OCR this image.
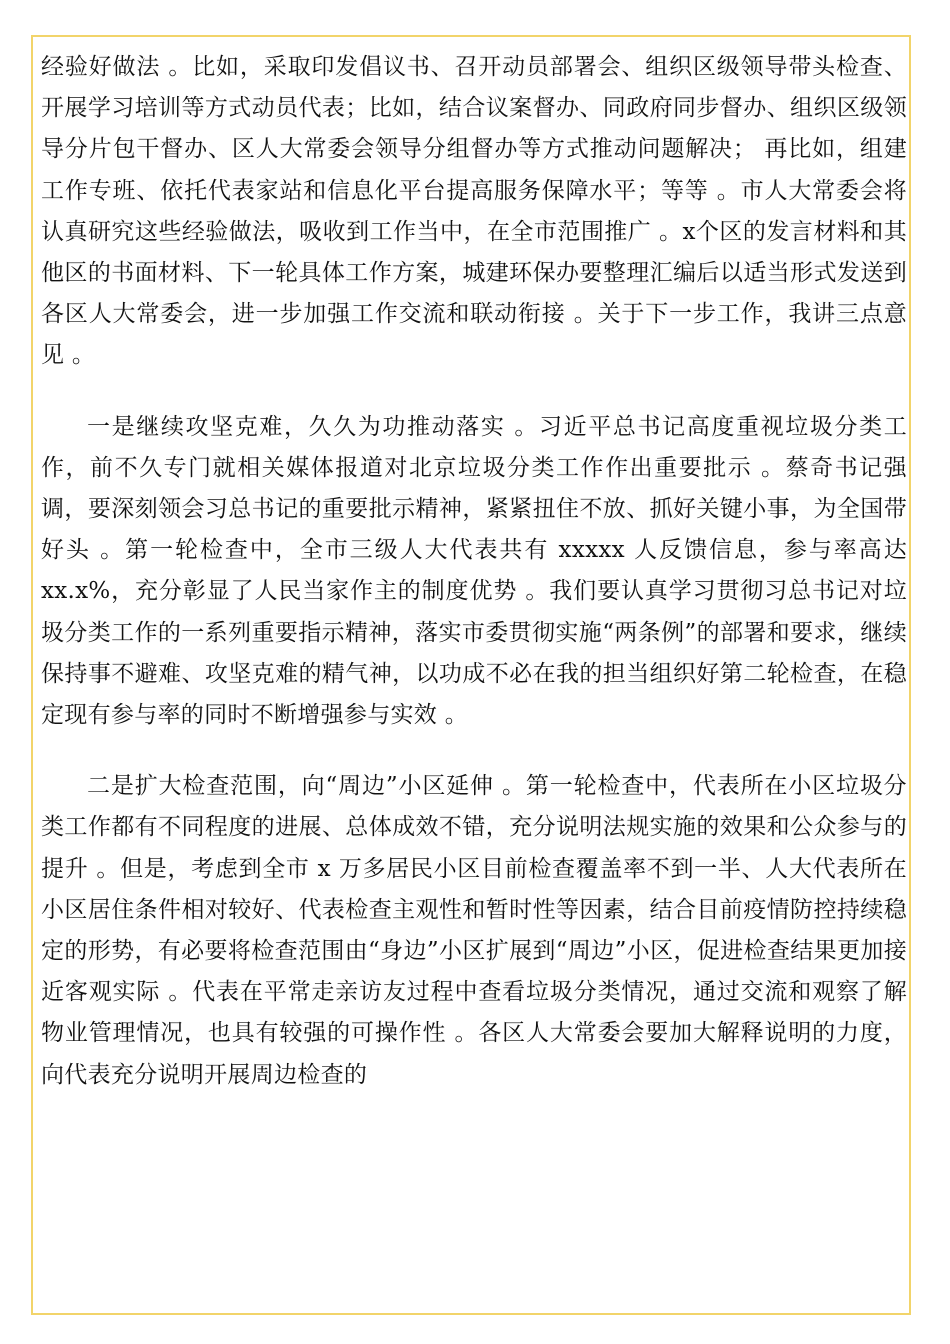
经验好做法 。比如，采取印发倡议书、召开动员部署会、组织区级领导带头检查、开展学习培训等方式动员代表；比如，结合议案督办、同政府同步督办、组织区级领导分片包干督办、区人大常委会领导分组督办等方式推动问题解决； 再比如，组建工作专班、依托代表家站和信息化平台提高服务保障水平；等等 。市人大常委会将认真研究这些经验做法，吸收到工作当中，在全市范围推广 。x个区的发言材料和其他区的书面材料、下一轮具体工作方案，城建环保办要整理汇编后以适当形式发送到各区人大常委会，进一步加强工作交流和联动衔接 。关于下一步工作，我讲三点意见 。

一是继续攻坚克难，久久为功推动落实 。习近平总书记高度重视垃圾分类工作，前不久专门就相关媒体报道对北京垃圾分类工作作出重要批示 。蔡奇书记强调，要深刻领会习总书记的重要批示精神，紧紧扭住不放、抓好关键小事，为全国带好头 。第一轮检查中，全市三级人大代表共有 xxxxx 人反馈信息，参与率高达 xx.x%，充分彰显了人民当家作主的制度优势 。我们要认真学习贯彻习总书记对垃圾分类工作的一系列重要指示精神，落实市委贯彻实施“两条例”的部署和要求，继续保持事不避难、攻坚克难的精气神，以功成不必在我的担当组织好第二轮检查，在稳定现有参与率的同时不断增强参与实效 。

二是扩大检查范围，向“周边”小区延伸 。第一轮检查中，代表所在小区垃圾分类工作都有不同程度的进展、总体成效不错，充分说明法规实施的效果和公众参与的提升 。但是，考虑到全市 x 万多居民小区目前检查覆盖率不到一半、人大代表所在小区居住条件相对较好、代表检查主观性和暂时性等因素，结合目前疫情防控持续稳定的形势，有必要将检查范围由“身边”小区扩展到“周边”小区，促进检查结果更加接近客观实际 。代表在平常走亲访友过程中查看垃圾分类情况，通过交流和观察了解物业管理情况，也具有较强的可操作性 。各区人大常委会要加大解释说明的力度，向代表充分说明开展周边检查的
